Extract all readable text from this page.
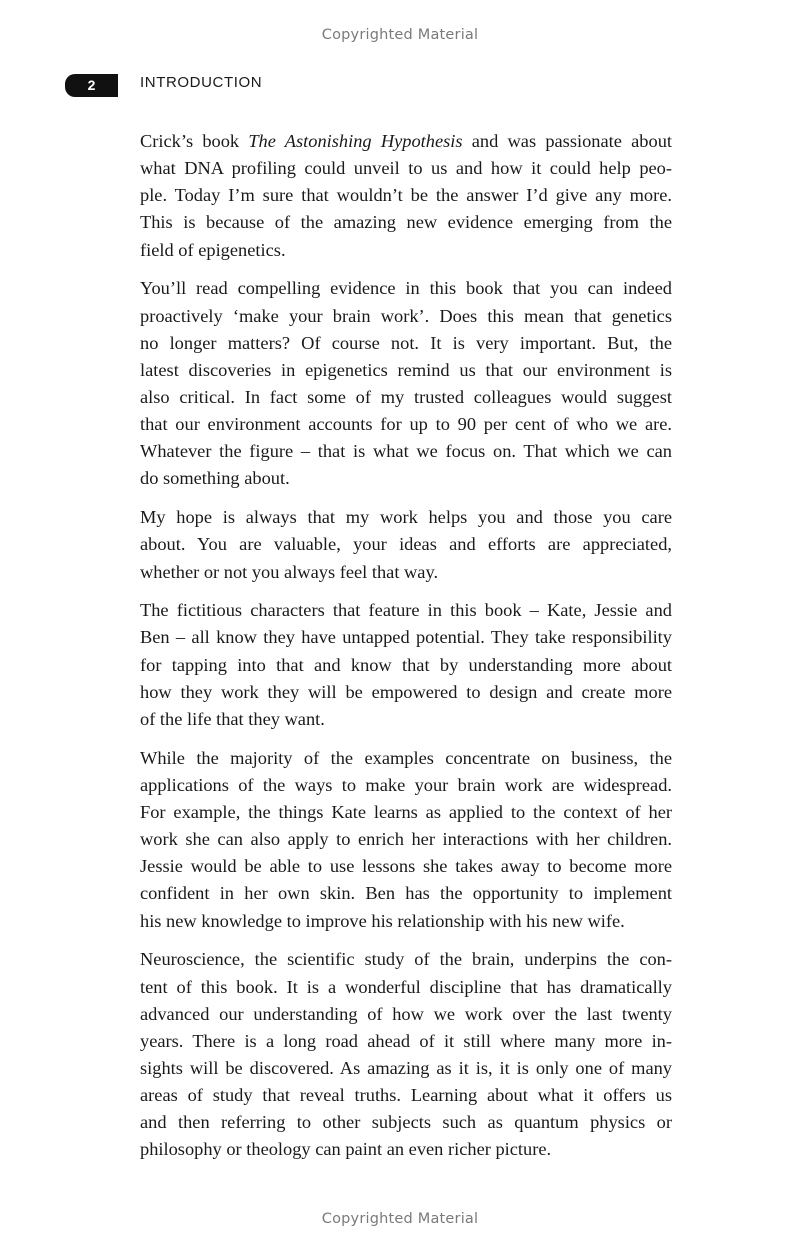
Copyrighted Material
2	INTRODUCTION

Crick’s book The Astonishing Hypothesis and was passionate about
what DNA profiling could unveil to us and how it could help peo-
ple. Today I’m sure that wouldn’t be the answer I’d give any more.
This is because of the amazing new evidence emerging from the
field of epigenetics.

You’ll read compelling evidence in this book that you can indeed
proactively ‘make your brain work’. Does this mean that genetics
no longer matters? Of course not. It is very important. But, the
latest discoveries in epigenetics remind us that our environment is
also critical. In fact some of my trusted colleagues would suggest
that our environment accounts for up to 90 per cent of who we are.
Whatever the figure – that is what we focus on. That which we can
do something about.

My hope is always that my work helps you and those you care
about. You are valuable, your ideas and efforts are appreciated,
whether or not you always feel that way.

The fictitious characters that feature in this book – Kate, Jessie and
Ben – all know they have untapped potential. They take responsibility
for tapping into that and know that by understanding more about
how they work they will be empowered to design and create more
of the life that they want.

While the majority of the examples concentrate on business, the
applications of the ways to make your brain work are widespread.
For example, the things Kate learns as applied to the context of her
work she can also apply to enrich her interactions with her children.
Jessie would be able to use lessons she takes away to become more
confident in her own skin. Ben has the opportunity to implement
his new knowledge to improve his relationship with his new wife.

Neuroscience, the scientific study of the brain, underpins the con-
tent of this book. It is a wonderful discipline that has dramatically
advanced our understanding of how we work over the last twenty
years. There is a long road ahead of it still where many more in-
sights will be discovered. As amazing as it is, it is only one of many
areas of study that reveal truths. Learning about what it offers us
and then referring to other subjects such as quantum physics or
philosophy or theology can paint an even richer picture.

Copyrighted Material
